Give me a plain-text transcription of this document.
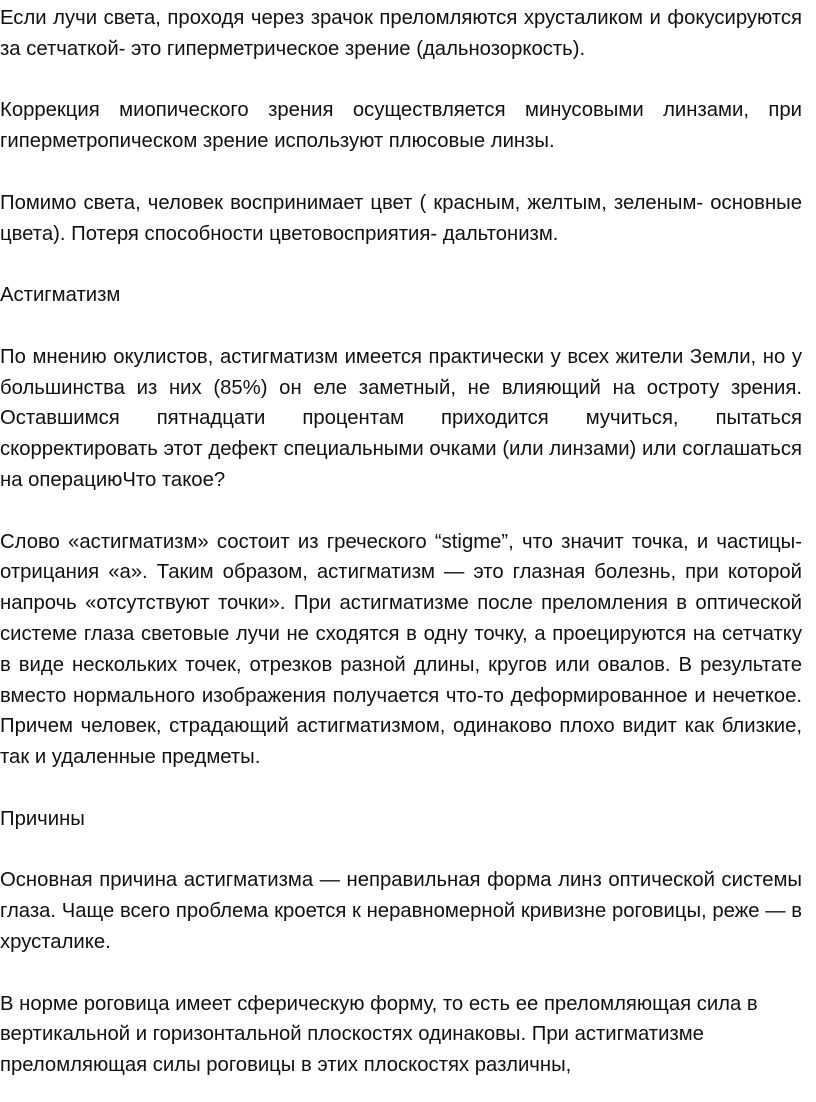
Если лучи света, проходя через зрачок преломляются хрусталиком и фокусируются за сетчаткой- это гиперметрическое зрение (дальнозоркость).

Коррекция миопического зрения осуществляется минусовыми линзами, при гиперметропическом зрение используют плюсовые линзы.

Помимо света, человек воспринимает цвет ( красным, желтым, зеленым- основные цвета). Потеря способности цветовосприятия- дальтонизм.

Астигматизм

По мнению окулистов, астигматизм имеется практически у всех жители Земли, но у большинства из них (85%) он еле заметный, не влияющий на остроту зрения. Оставшимся пятнадцати процентам приходится мучиться, пытаться скорректировать этот дефект специальными очками (или линзами) или соглашаться на операциюЧто такое?

Слово «астигматизм» состоит из греческого “stigme”, что значит точка, и частицы-отрицания «а». Таким образом, астигматизм — это глазная болезнь, при которой напрочь «отсутствуют точки». При астигматизме после преломления в оптической системе глаза световые лучи не сходятся в одну точку, а проецируются на сетчатку в виде нескольких точек, отрезков разной длины, кругов или овалов. В результате вместо нормального изображения получается что-то деформированное и нечеткое. Причем человек, страдающий астигматизмом, одинаково плохо видит как близкие, так и удаленные предметы.

Причины

Основная причина астигматизма — неправильная форма линз оптической системы глаза. Чаще всего проблема кроется к неравномерной кривизне роговицы, реже — в хрусталике.

В норме роговица имеет сферическую форму, то есть ее преломляющая сила в вертикальной и горизонтальной плоскостях одинаковы. При астигматизме преломляющая силы роговицы в этих плоскостях различны,
